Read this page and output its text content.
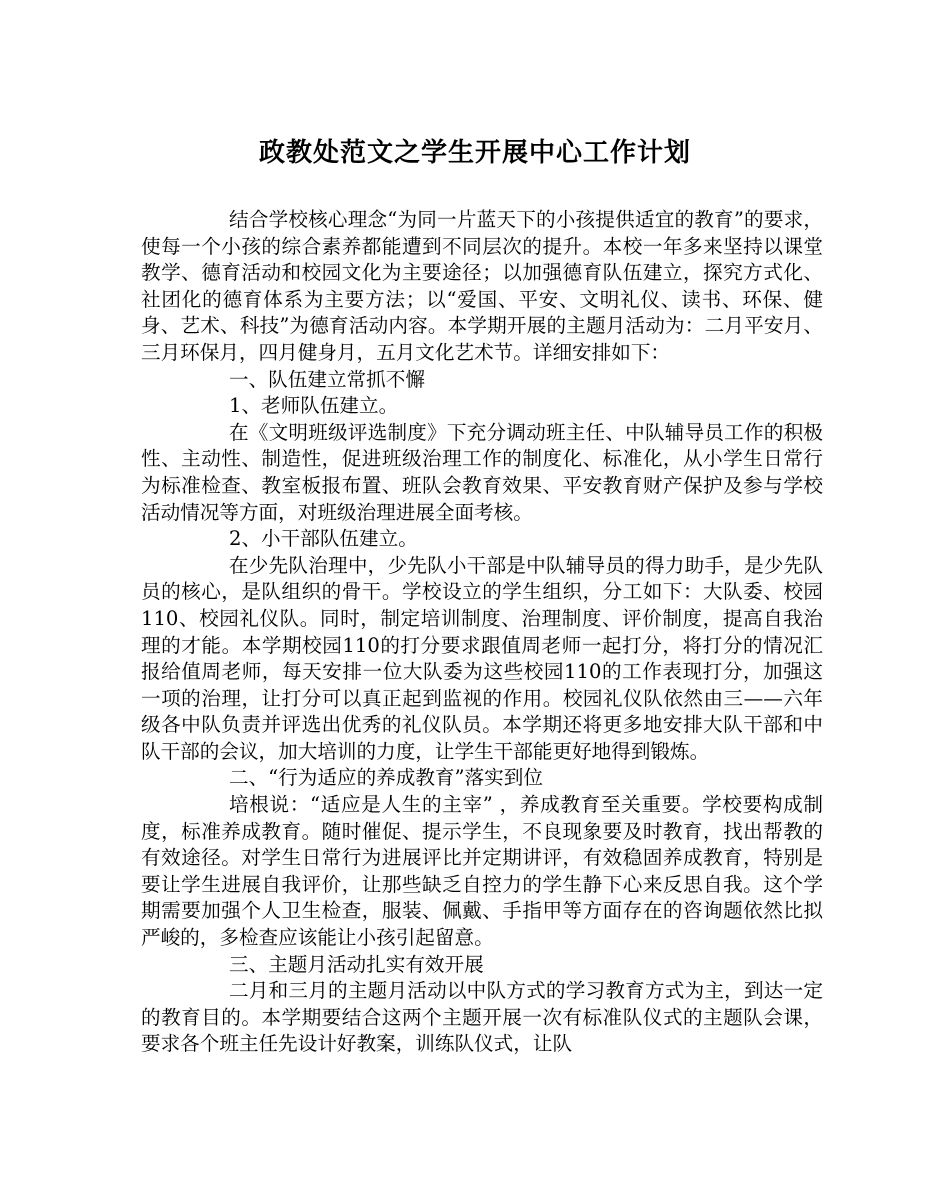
政教处范文之学生开展中心工作计划

结合学校核心理念“为同一片蓝天下的小孩提供适宜的教育”的要求，使每一个小孩的综合素养都能遭到不同层次的提升。本校一年多来坚持以课堂教学、德育活动和校园文化为主要途径；以加强德育队伍建立，探究方式化、社团化的德育体系为主要方法；以“爱国、平安、文明礼仪、读书、环保、健身、艺术、科技”为德育活动内容。本学期开展的主题月活动为：二月平安月、三月环保月，四月健身月，五月文化艺术节。详细安排如下：

一、队伍建立常抓不懈

1、老师队伍建立。

在《文明班级评选制度》下充分调动班主任、中队辅导员工作的积极性、主动性、制造性，促进班级治理工作的制度化、标准化，从小学生日常行为标准检查、教室板报布置、班队会教育效果、平安教育财产保护及参与学校活动情况等方面，对班级治理进展全面考核。

2、小干部队伍建立。

在少先队治理中，少先队小干部是中队辅导员的得力助手，是少先队员的核心，是队组织的骨干。学校设立的学生组织，分工如下：大队委、校园110、校园礼仪队。同时，制定培训制度、治理制度、评价制度，提高自我治理的才能。本学期校园110的打分要求跟值周老师一起打分，将打分的情况汇报给值周老师，每天安排一位大队委为这些校园110的工作表现打分，加强这一项的治理，让打分可以真正起到监视的作用。校园礼仪队依然由三——六年级各中队负责并评选出优秀的礼仪队员。本学期还将更多地安排大队干部和中队干部的会议，加大培训的力度，让学生干部能更好地得到锻炼。

二、“行为适应的养成教育”落实到位

培根说：“适应是人生的主宰” ，养成教育至关重要。学校要构成制度，标准养成教育。随时催促、提示学生，不良现象要及时教育，找出帮教的有效途径。对学生日常行为进展评比并定期讲评，有效稳固养成教育，特别是要让学生进展自我评价，让那些缺乏自控力的学生静下心来反思自我。这个学期需要加强个人卫生检查，服装、佩戴、手指甲等方面存在的咨询题依然比拟严峻的，多检查应该能让小孩引起留意。

三、主题月活动扎实有效开展

二月和三月的主题月活动以中队方式的学习教育方式为主，到达一定的教育目的。本学期要结合这两个主题开展一次有标准队仪式的主题队会课，要求各个班主任先设计好教案，训练队仪式，让队
